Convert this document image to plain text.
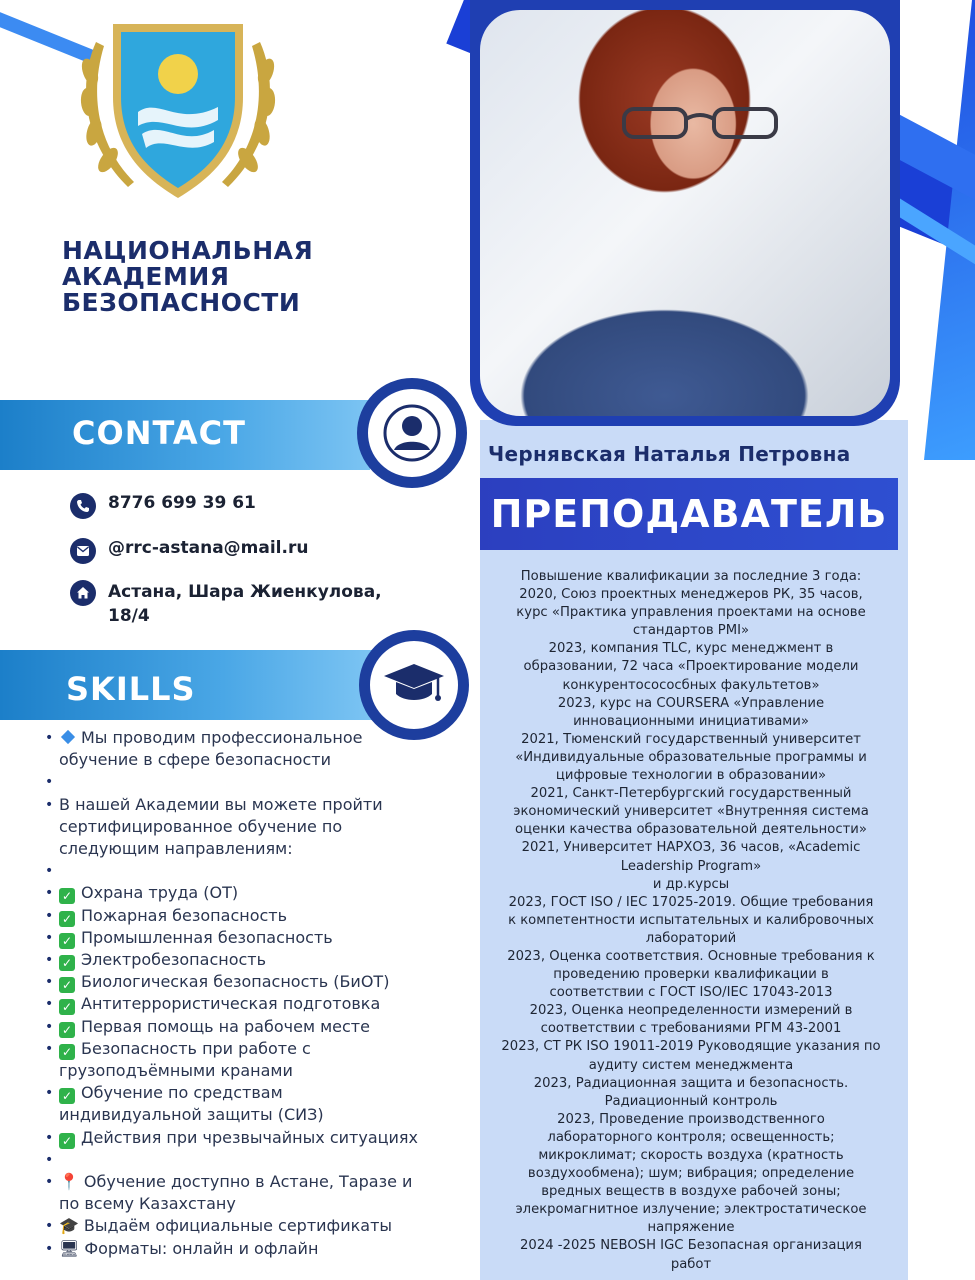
НАЦИОНАЛЬНАЯ
АКАДЕМИЯ
БЕЗОПАСНОСТИ
CONTACT
8776 699 39 61
@rrc-astana@mail.ru
Астана, Шара Жиенкулова, 18/4
SKILLS
• Мы проводим профессиональное обучение в сфере безопасности
•
• В нашей Академии вы можете пройти сертифицированное обучение по следующим направлениям:
•
• ✓ Охрана труда (ОТ)
• ✓ Пожарная безопасность
• ✓ Промышленная безопасность
• ✓ Электробезопасность
• ✓ Биологическая безопасность (БиОТ)
• ✓ Антитеррористическая подготовка
• ✓ Первая помощь на рабочем месте
• ✓ Безопасность при работе с грузоподъёмными кранами
• ✓ Обучение по средствам индивидуальной защиты (СИЗ)
• ✓ Действия при чрезвычайных ситуациях
•
• 📍 Обучение доступно в Астане, Таразе и по всему Казахстану
• 🎓 Выдаём официальные сертификаты
• 🖥 Форматы: онлайн и офлайн
Чернявская Наталья Петровна
ПРЕПОДАВАТЕЛЬ
Повышение квалификации за последние 3 года:
2020, Союз проектных менеджеров РК, 35 часов,
курс «Практика управления проектами на основе
стандартов PMI»
2023, компания TLC, курс менеджмент в
образовании, 72 часа «Проектирование модели
конкурентосососбных факультетов»
2023, курс на COURSERA «Управление
инновационными инициативами»
2021, Тюменский государственный университет
«Индивидуальные образовательные программы и
цифровые технологии в образовании»
2021, Санкт-Петербургский государственный
экономический университет «Внутренняя система
оценки качества образовательной деятельности»
2021, Университет НАРХОЗ, 36 часов, «Academic
Leadership Program»
и др.курсы
2023, ГОСТ ISO / IEC 17025-2019. Общие требования
к компетентности испытательных и калибровочных
лабораторий
2023, Оценка соответствия. Основные требования к
проведению проверки квалификации в
соответствии с ГОСТ ISO/IEC 17043-2013
2023, Оценка неопределенности измерений в
соответствии с требованиями РГМ 43-2001
2023, СТ РК ISO 19011-2019 Руководящие указания по
аудиту систем менеджмента
2023, Радиационная защита и безопасность.
Радиационный контроль
2023, Проведение производственного
лабораторного контроля; освещенность;
микроклимат; скорость воздуха (кратность
воздухообмена); шум; вибрация; определение
вредных веществ в воздухе рабочей зоны;
элекромагнитное излучение; электростатическое
напряжение
2024 -2025 NEBOSH IGC Безопасная организация
работ
